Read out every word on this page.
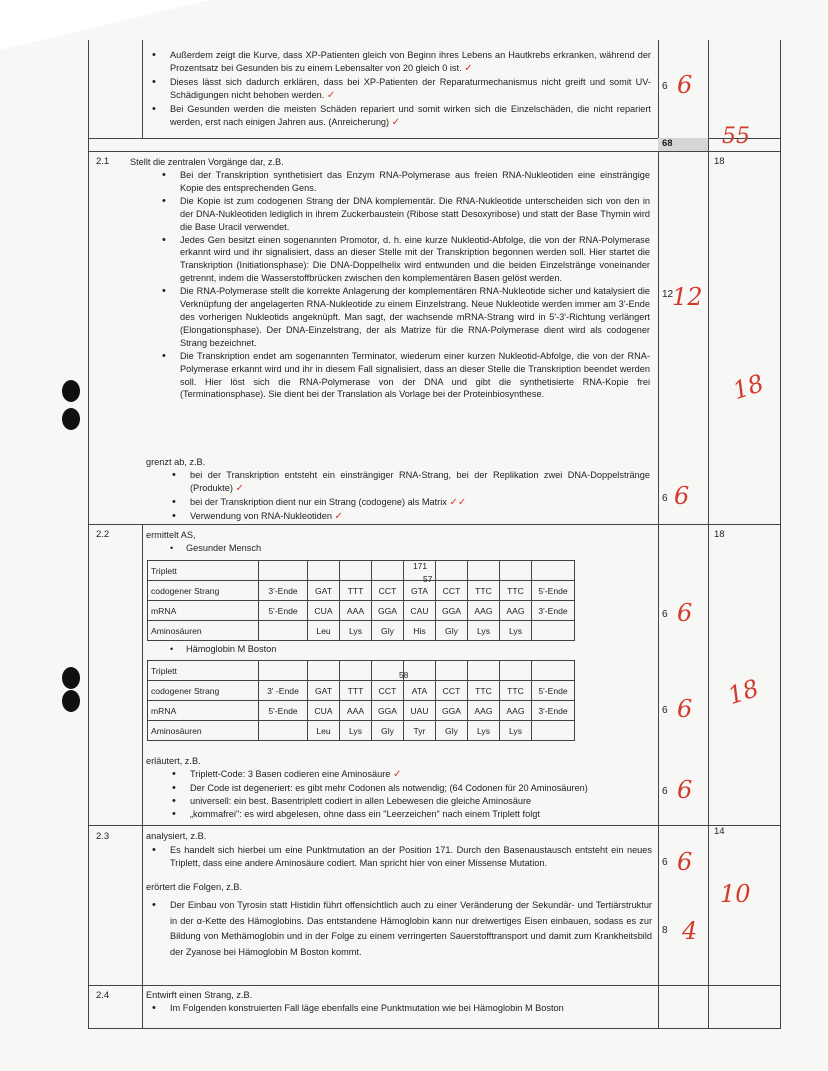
• Außerdem zeigt die Kurve, dass XP-Patienten gleich von Beginn ihres Lebens an Hautkrebs erkranken, während der Prozentsatz bei Gesunden bis zu einem Lebensalter von 20 gleich 0 ist. ✓
• Dieses lässt sich dadurch erklären, dass bei XP-Patienten der Reparaturmechanismus nicht greift und somit UV-Schädigungen nicht behoben werden. ✓
• Bei Gesunden werden die meisten Schäden repariert und somit wirken sich die Einzelschäden, die nicht repariert werden, erst nach einigen Jahren aus. (Anreicherung) ✓
6 6
68	55
2.1	18
Stellt die zentralen Vorgänge dar, z.B.
• Bei der Transkription synthetisiert das Enzym RNA-Polymerase aus freien RNA-Nukleotiden eine einsträngige Kopie des entsprechenden Gens.
• Die Kopie ist zum codogenen Strang der DNA komplementär. Die RNA-Nukleotide unterscheiden sich von den in der DNA-Nukleotiden lediglich in ihrem Zuckerbaustein (Ribose statt Desoxyribose) und statt der Base Thymin wird die Base Uracil verwendet.
• Jedes Gen besitzt einen sogenannten Promotor, d. h. eine kurze Nukleotid-Abfolge, die von der RNA-Polymerase erkannt wird und ihr signalisiert, dass an dieser Stelle mit der Transkription begonnen werden soll. Hier startet die Transkription (Initiationsphase): Die DNA-Doppelhelix wird entwunden und die beiden Einzelstränge voneinander getrennt, indem die Wasserstoffbrücken zwischen den komplementären Basen gelöst werden.
• Die RNA-Polymerase stellt die korrekte Anlagerung der komplementären RNA-Nukleotide sicher und katalysiert die Verknüpfung der angelagerten RNA-Nukleotide zu einem Einzelstrang. Neue Nukleotide werden immer am 3'-Ende des vorherigen Nukleotids angeknüpft. Man sagt, der wachsende mRNA-Strang wird in 5'-3'-Richtung verlängert (Elongationsphase). Der DNA-Einzelstrang, der als Matrize für die RNA-Polymerase dient wird als codogener Strang bezeichnet.
• Die Transkription endet am sogenannten Terminator, wiederum einer kurzen Nukleotid-Abfolge, die von der RNA-Polymerase erkannt wird und ihr in diesem Fall signalisiert, dass an dieser Stelle die Transkription beendet werden soll. Hier löst sich die RNA-Polymerase von der DNA und gibt die synthetisierte RNA-Kopie frei (Terminationsphase). Sie dient bei der Translation als Vorlage bei der Proteinbiosynthese.
12
12
18
grenzt ab, z.B.
• bei der Transkription entsteht ein einsträngiger RNA-Strang, bei der Replikation zwei DNA-Doppelstränge (Produkte) ✓
• bei der Transkription dient nur ein Strang (codogene) als Matrix ✓✓
• Verwendung von RNA-Nukleotiden ✓
6 6
2.2	18
ermittelt AS,
•     Gesunder Mensch
171
57
Triplett									
codogener Strang	3'-Ende	GAT	TTT	CCT	GTA	CCT	TTC	TTC	5'-Ende
mRNA	5'-Ende	CUA	AAA	GGA	CAU	GGA	AAG	AAG	3'-Ende
Aminosäuren		Leu	Lys	Gly	His	Gly	Lys	Lys	
6 6
•     Hämoglobin M Boston
58
Triplett									
codogener Strang	3' -Ende	GAT	TTT	CCT	ATA	CCT	TTC	TTC	5'-Ende
mRNA	5'-Ende	CUA	AAA	GGA	UAU	GGA	AAG	AAG	3'-Ende
Aminosäuren		Leu	Lys	Gly	Tyr	Gly	Lys	Lys	
6 6 18
erläutert, z.B.
• Triplett-Code: 3 Basen codieren eine Aminosäure ✓
• Der Code ist degeneriert: es gibt mehr Codonen als notwendig; (64 Codonen für 20 Aminosäuren)
• universell: ein best. Basentriplett codiert in allen Lebewesen die gleiche Aminosäure
• „kommafrei": es wird abgelesen, ohne dass ein "Leerzeichen" nach einem Triplett folgt
6 6
2.3	14
analysiert, z.B.
• Es handelt sich hierbei um eine Punktmutation an der Position 171. Durch den Basenaustausch entsteht ein neues Triplett, dass eine andere Aminosäure codiert. Man spricht hier von einer Missense Mutation.	6 6
erörtert die Folgen, z.B.
• Der Einbau von Tyrosin statt Histidin führt offensichtlich auch zu einer Veränderung der Sekundär- und Tertiärstruktur in der α-Kette des Hämoglobins. Das entstandene Hämoglobin kann nur dreiwertiges Eisen einbauen, sodass es zur Bildung von Methämoglobin und in der Folge zu einem verringerten Sauerstofftransport und damit zum Krankheitsbild der Zyanose bei Hämoglobin M Boston kommt.
8 4
10
2.4	Entwirft einen Strang, z.B.
• Im Folgenden konstruierten Fall läge ebenfalls eine Punktmutation wie bei Hämoglobin M Boston
